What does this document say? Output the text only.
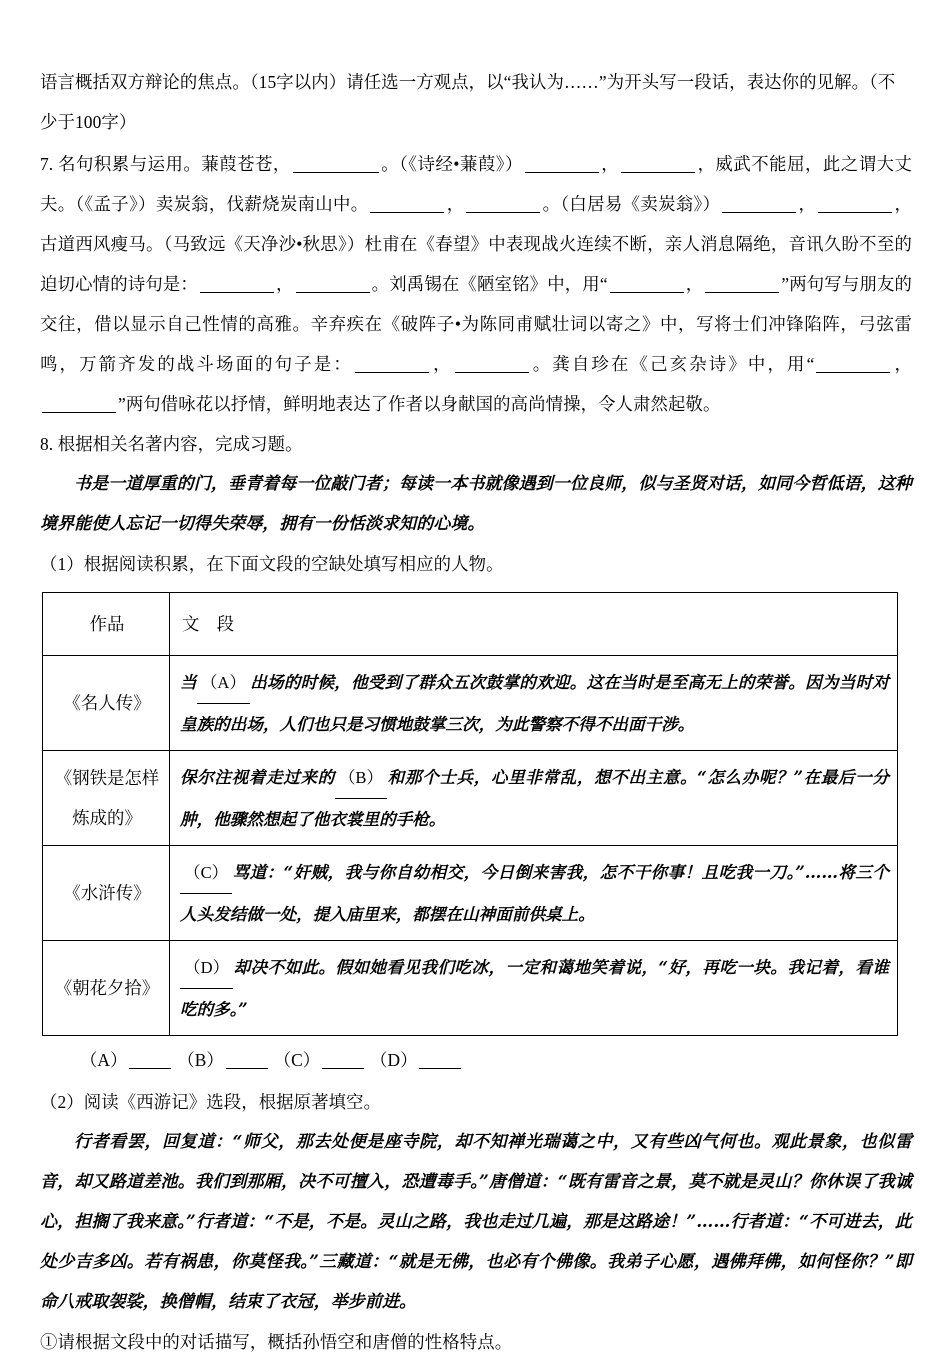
语言概括双方辩论的焦点。（15字以内）请任选一方观点，以“我认为……”为开头写一段话，表达你的见解。（不
少于100字）
7. 名句积累与运用。蒹葭苍苍，	。（《诗经•蒹葭》）	，	，威武不能屈，此之谓大丈夫。（《孟子》）卖炭翁，伐薪烧炭南山中。	，	。（白居易《卖炭翁》）	，	，古道西风瘦马。（马致远《天净沙•秋思》）杜甫在《春望》中表现战火连续不断，亲人消息隔绝，音讯久盼不至的迫切心情的诗句是：	，	。刘禹锡在《陋室铭》中，用“	，	”两句写与朋友的交往，借以显示自己性情的高雅。辛弃疾在《破阵子•为陈同甫赋壮词以寄之》中，写将士们冲锋陷阵，弓弦雷鸣，万箭齐发的战斗场面的句子是：	，	。龚自珍在《己亥杂诗》中，用“	，”两句借咏花以抒情，鲜明地表达了作者以身献国的高尚情操，令人肃然起敬。
8. 根据相关名著内容，完成习题。
书是一道厚重的门，垂青着每一位敲门者；每读一本书就像遇到一位良师，似与圣贤对话，如同今哲低语，这种境界能使人忘记一切得失荣辱，拥有一份恬淡求知的心境。
（1）根据阅读积累，在下面文段的空缺处填写相应的人物。
作品	文　段
《名人传》	当 （A） 出场的时候，他受到了群众五次鼓掌的欢迎。这在当时是至高无上的荣誉。因为当时对皇族的出场，人们也只是习惯地鼓掌三次，为此警察不得不出面干涉。
《钢铁是怎样炼成的》	保尔注视着走过来的 （B） 和那个士兵，心里非常乱，想不出主意。“怎么办呢？”在最后一分肿，他骤然想起了他衣裳里的手枪。
《水浒传》	（C） 骂道：“奸贼，我与你自幼相交，今日倒来害我，怎不干你事！且吃我一刀。”……将三个人头发结做一处，提入庙里来，都摆在山神面前供桌上。
《朝花夕拾》	（D） 却决不如此。假如她看见我们吃冰，一定和蔼地笑着说，“好，再吃一块。我记着，看谁吃的多。”
（A）	（B）	（C）	（D）
（2）阅读《西游记》选段，根据原著填空。
行者看罢，回复道：“师父，那去处便是座寺院，却不知禅光瑞蔼之中，又有些凶气何也。观此景象，也似雷音，却又路道差池。我们到那厢，决不可擅入，恐遭毒手。”唐僧道：“既有雷音之景，莫不就是灵山？你休误了我诚心，担搁了我来意。”行者道：“不是，不是。灵山之路，我也走过几遍，那是这路途！”……行者道：“不可进去，此处少吉多凶。若有祸患，你莫怪我。”三藏道：“就是无佛，也必有个佛像。我弟子心愿，遇佛拜佛，如何怪你？”即命八戒取袈裟，换僧帽，结束了衣冠，举步前进。
①请根据文段中的对话描写，概括孙悟空和唐僧的性格特点。
